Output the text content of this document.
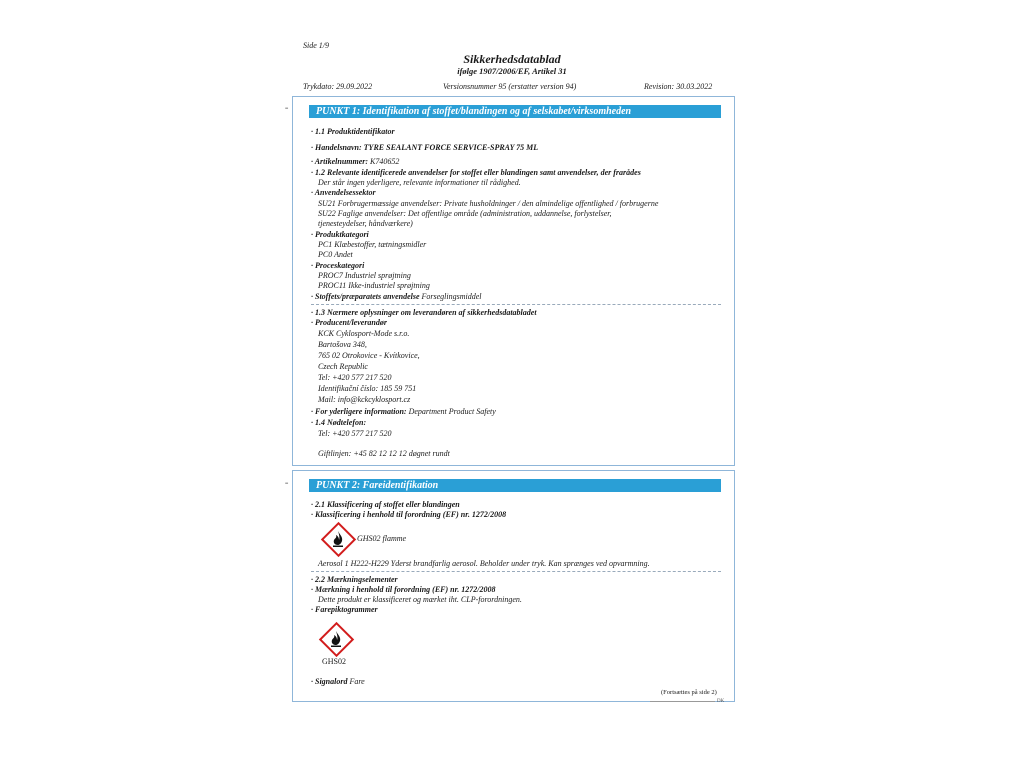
Side 1/9
Sikkerhedsdatablad
ifølge 1907/2006/EF, Artikel 31
Trykdato: 29.09.2022	Versionsnummer 95 (erstatter version 94)	Revision: 30.03.2022
≡	PUNKT 1: Identifikation af stoffet/blandingen og af selskabet/virksomheden
· 1.1 Produktidentifikator
· Handelsnavn: TYRE SEALANT FORCE SERVICE-SPRAY 75 ML
· Artikelnummer: K740652
· 1.2 Relevante identificerede anvendelser for stoffet eller blandingen samt anvendelser, der frarådes
Der står ingen yderligere, relevante informationer til rådighed.
· Anvendelsessektor
SU21 Forbrugermæssige anvendelser: Private husholdninger / den almindelige offentlighed / forbrugerne
SU22 Faglige anvendelser: Det offentlige område (administration, uddannelse, forlystelser,
tjenesteydelser, håndværkere)
· Produktkategori
PC1 Klæbestoffer, tætningsmidler
PC0 Andet
· Proceskategori
PROC7 Industriel sprøjtning
PROC11 Ikke-industriel sprøjtning
· Stoffets/præparatets anvendelse Forseglingsmiddel
· 1.3 Nærmere oplysninger om leverandøren af sikkerhedsdatabladet
· Producent/leverandør
KCK Cyklosport-Mode s.r.o.
Bartošova 348,
765 02 Otrokovice - Kvítkovice,
Czech Republic
Tel: +420 577 217 520
Identifikační číslo: 185 59 751
Mail: info@kckcyklosport.cz
· For yderligere information: Department Product Safety
· 1.4 Nødtelefon:
Tel: +420 577 217 520
Giftlinjen: +45 82 12 12 12 døgnet rundt
≡	PUNKT 2: Fareidentifikation
· 2.1 Klassificering af stoffet eller blandingen
· Klassificering i henhold til forordning (EF) nr. 1272/2008
GHS02 flamme
Aerosol 1 H222-H229 Yderst brandfarlig aerosol. Beholder under tryk. Kan sprænges ved opvarmning.
· 2.2 Mærkningselementer
· Mærkning i henhold til forordning (EF) nr. 1272/2008
Dette produkt er klassificeret og mærket iht. CLP-forordningen.
· Farepiktogrammer
GHS02
· Signalord Fare
(Fortsættes på side 2)
DK
